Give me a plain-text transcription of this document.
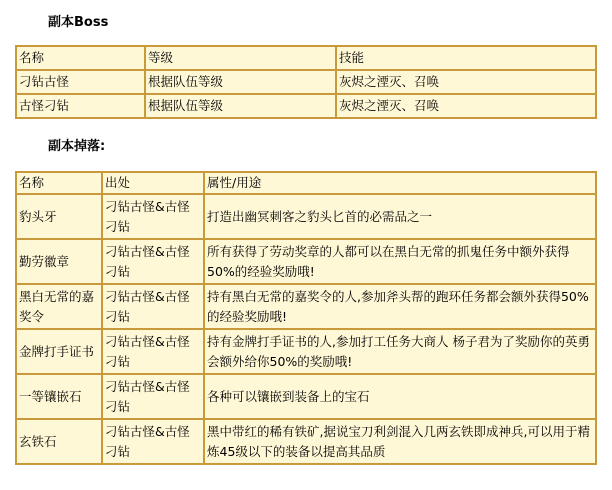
副本Boss
名称	等级	技能
刁钻古怪	根据队伍等级	灰烬之湮灭、召唤
古怪刁钻	根据队伍等级	灰烬之湮灭、召唤
副本掉落:
名称	出处	属性/用途
豹头牙	刁钻古怪&古怪刁钻	打造出幽冥刺客之豹头匕首的必需品之一
勤劳徽章	刁钻古怪&古怪刁钻	所有获得了劳动奖章的人都可以在黑白无常的抓鬼任务中额外获得50%的经验奖励哦!
黑白无常的嘉奖令	刁钻古怪&古怪刁钻	持有黑白无常的嘉奖令的人,参加斧头帮的跑环任务都会额外获得50%的经验奖励哦!
金牌打手证书	刁钻古怪&古怪刁钻	持有金牌打手证书的人,参加打工任务大商人 杨子君为了奖励你的英勇会额外给你50%的奖励哦!
一等镶嵌石	刁钻古怪&古怪刁钻	各种可以镶嵌到装备上的宝石
玄铁石	刁钻古怪&古怪刁钻	黑中带红的稀有铁矿,据说宝刀利剑混入几两玄铁即成神兵,可以用于精炼45级以下的装备以提高其品质
